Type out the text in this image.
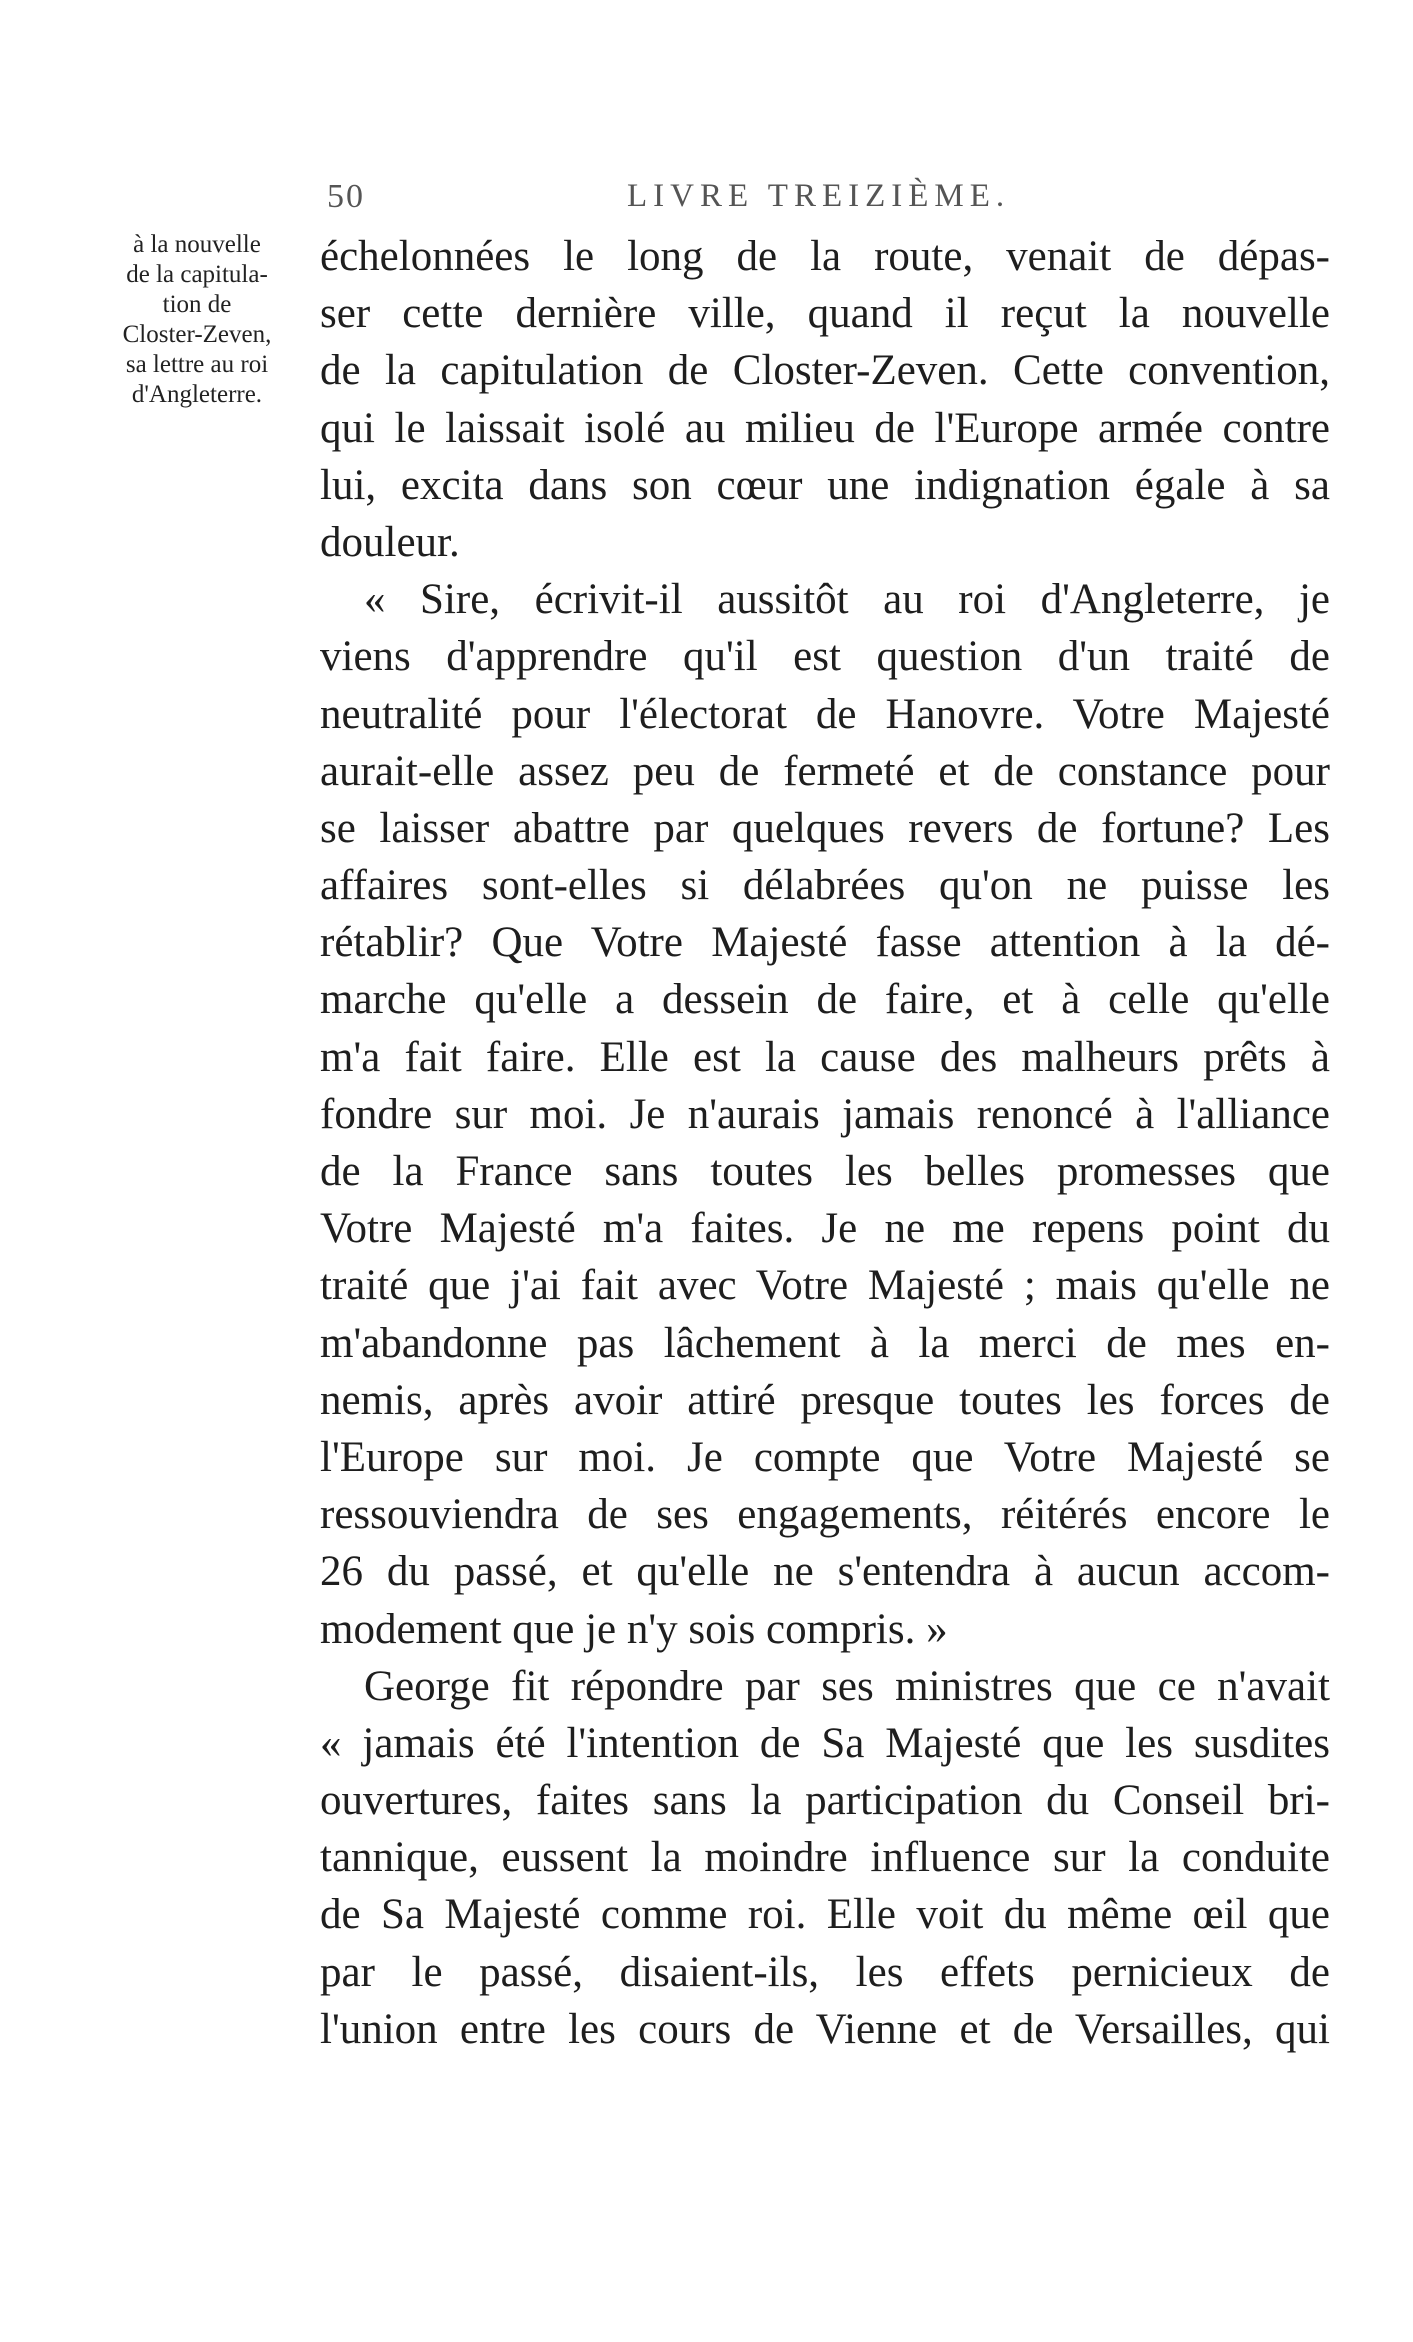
50	LIVRE TREIZIÈME.
à la nouvelle
de la capitula-
tion de
Closter-Zeven,
sa lettre au roi
d'Angleterre.
échelonnées le long de la route, venait de dépas-
ser cette dernière ville, quand il reçut la nouvelle
de la capitulation de Closter-Zeven. Cette convention,
qui le laissait isolé au milieu de l'Europe armée contre
lui, excita dans son cœur une indignation égale à sa
douleur.
« Sire, écrivit-il aussitôt au roi d'Angleterre, je
viens d'apprendre qu'il est question d'un traité de
neutralité pour l'électorat de Hanovre. Votre Majesté
aurait-elle assez peu de fermeté et de constance pour
se laisser abattre par quelques revers de fortune? Les
affaires sont-elles si délabrées qu'on ne puisse les
rétablir? Que Votre Majesté fasse attention à la dé-
marche qu'elle a dessein de faire, et à celle qu'elle
m'a fait faire. Elle est la cause des malheurs prêts à
fondre sur moi. Je n'aurais jamais renoncé à l'alliance
de la France sans toutes les belles promesses que
Votre Majesté m'a faites. Je ne me repens point du
traité que j'ai fait avec Votre Majesté ; mais qu'elle ne
m'abandonne pas lâchement à la merci de mes en-
nemis, après avoir attiré presque toutes les forces de
l'Europe sur moi. Je compte que Votre Majesté se
ressouviendra de ses engagements, réitérés encore le
26 du passé, et qu'elle ne s'entendra à aucun accom-
modement que je n'y sois compris. »
George fit répondre par ses ministres que ce n'avait
« jamais été l'intention de Sa Majesté que les susdites
ouvertures, faites sans la participation du Conseil bri-
tannique, eussent la moindre influence sur la conduite
de Sa Majesté comme roi. Elle voit du même œil que
par le passé, disaient-ils, les effets pernicieux de
l'union entre les cours de Vienne et de Versailles, qui
